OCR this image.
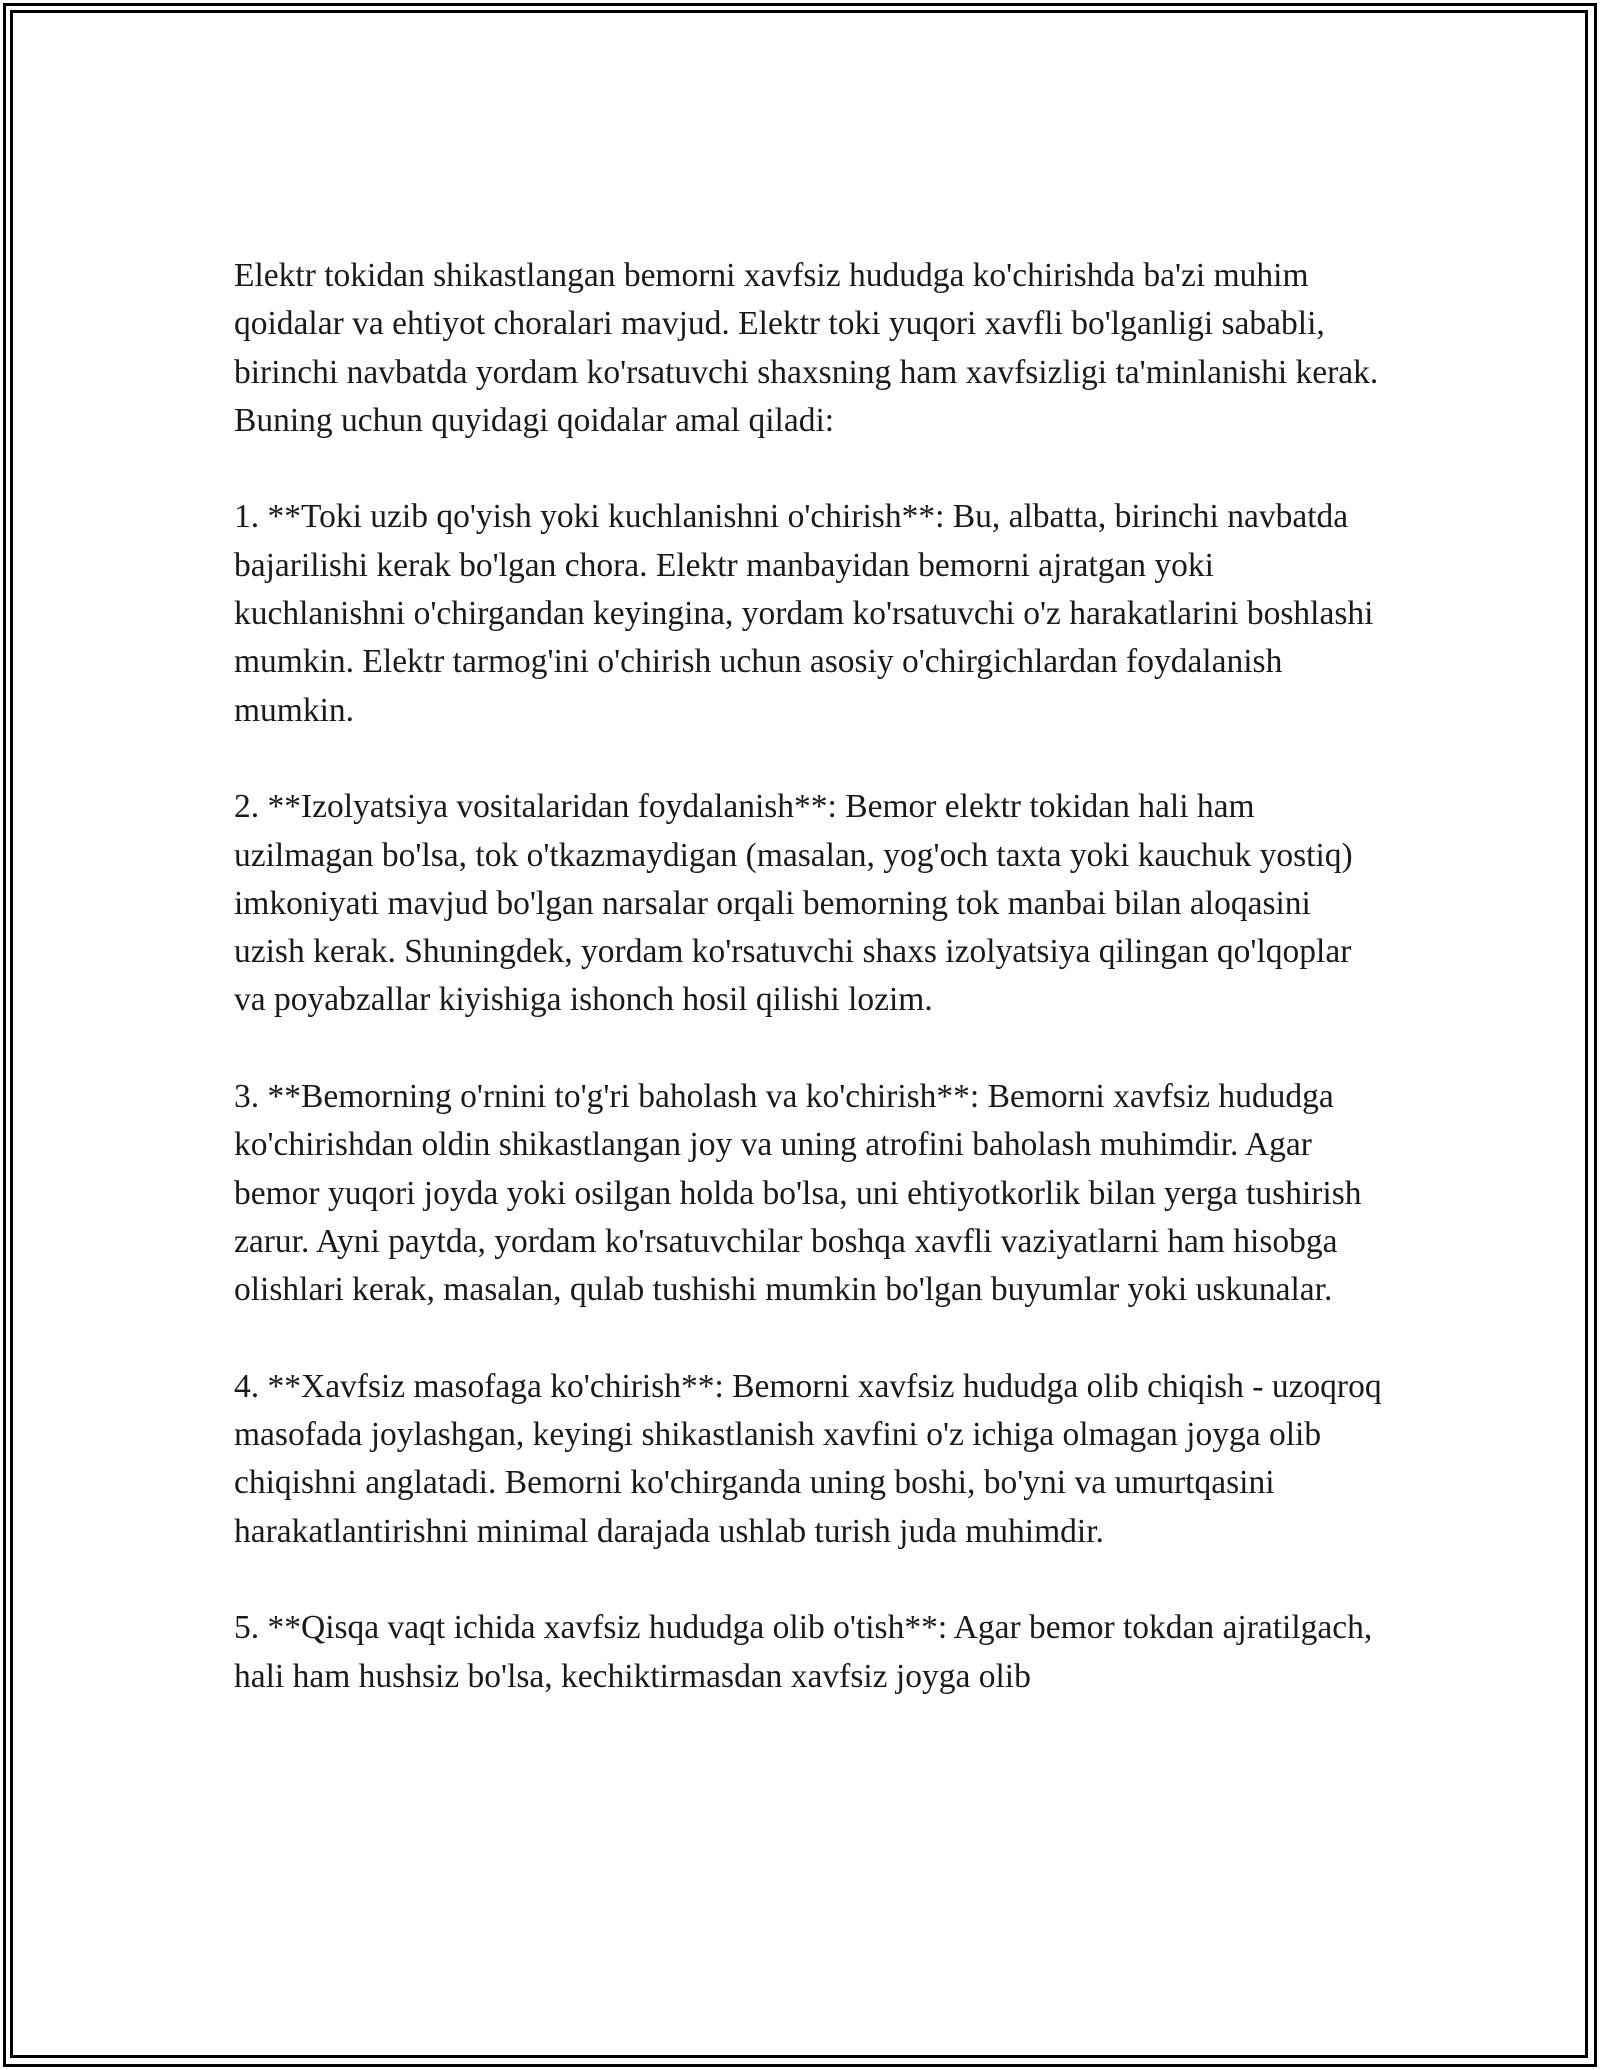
Elektr tokidan shikastlangan bemorni xavfsiz hududga ko'chirishda ba'zi muhim qoidalar va ehtiyot choralari mavjud. Elektr toki yuqori xavfli bo'lganligi sababli, birinchi navbatda yordam ko'rsatuvchi shaxsning ham xavfsizligi ta'minlanishi kerak. Buning uchun quyidagi qoidalar amal qiladi:

1. **Toki uzib qo'yish yoki kuchlanishni o'chirish**: Bu, albatta, birinchi navbatda bajarilishi kerak bo'lgan chora. Elektr manbayidan bemorni ajratgan yoki kuchlanishni o'chirgandan keyingina, yordam ko'rsatuvchi o'z harakatlarini boshlashi mumkin. Elektr tarmog'ini o'chirish uchun asosiy o'chirgichlardan foydalanish mumkin.

2. **Izolyatsiya vositalaridan foydalanish**: Bemor elektr tokidan hali ham uzilmagan bo'lsa, tok o'tkazmaydigan (masalan, yog'och taxta yoki kauchuk yostiq) imkoniyati mavjud bo'lgan narsalar orqali bemorning tok manbai bilan aloqasini uzish kerak. Shuningdek, yordam ko'rsatuvchi shaxs izolyatsiya qilingan qo'lqoplar va poyabzallar kiyishiga ishonch hosil qilishi lozim.

3. **Bemorning o'rnini to'g'ri baholash va ko'chirish**: Bemorni xavfsiz hududga ko'chirishdan oldin shikastlangan joy va uning atrofini baholash muhimdir. Agar bemor yuqori joyda yoki osilgan holda bo'lsa, uni ehtiyotkorlik bilan yerga tushirish zarur. Ayni paytda, yordam ko'rsatuvchilar boshqa xavfli vaziyatlarni ham hisobga olishlari kerak, masalan, qulab tushishi mumkin bo'lgan buyumlar yoki uskunalar.

4. **Xavfsiz masofaga ko'chirish**: Bemorni xavfsiz hududga olib chiqish - uzoqroq masofada joylashgan, keyingi shikastlanish xavfini o'z ichiga olmagan joyga olib chiqishni anglatadi. Bemorni ko'chirganda uning boshi, bo'yni va umurtqasini harakatlantirishni minimal darajada ushlab turish juda muhimdir.

5. **Qisqa vaqt ichida xavfsiz hududga olib o'tish**: Agar bemor tokdan ajratilgach, hali ham hushsiz bo'lsa, kechiktirmasdan xavfsiz joyga olib
